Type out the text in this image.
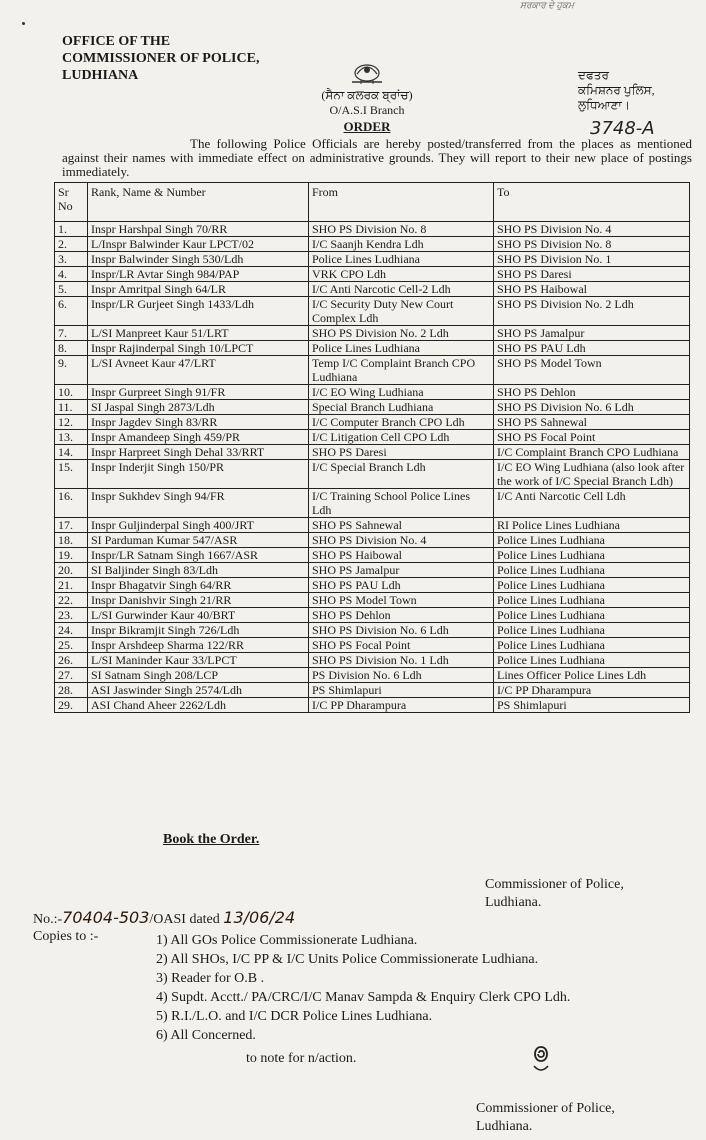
ਸਰਕਾਰ ਦੇ ਹੁਕਮ
OFFICE OF THE
COMMISSIONER OF POLICE,
LUDHIANA
(ਸੈਨਾ ਕਲਰਕ ਬ੍ਰਾਂਚ)
O/A.S.I Branch
ORDER
ਦਫਤਰ
ਕਮਿਸ਼ਨਰ ਪੁਲਿਸ,
ਲੁਧਿਆਣਾ।
3748-A
The following Police Officials are hereby posted/transferred from the places as mentioned against their names with immediate effect on administrative grounds. They will report to their new place of postings immediately.
Sr No	Rank, Name & Number	From	To
1.	Inspr Harshpal Singh 70/RR	SHO PS Division No. 8	SHO PS Division No. 4
2.	L/Inspr Balwinder Kaur LPCT/02	I/C Saanjh Kendra Ldh	SHO PS Division No. 8
3.	Inspr Balwinder Singh 530/Ldh	Police Lines Ludhiana	SHO PS Division No. 1
4.	Inspr/LR Avtar Singh 984/PAP	VRK CPO Ldh	SHO PS Daresi
5.	Inspr Amritpal Singh 64/LR	I/C Anti Narcotic Cell-2 Ldh	SHO PS Haibowal
6.	Inspr/LR Gurjeet Singh 1433/Ldh	I/C Security Duty New Court Complex Ldh	SHO PS Division No. 2 Ldh
7.	L/SI Manpreet Kaur 51/LRT	SHO PS Division No. 2 Ldh	SHO PS Jamalpur
8.	Inspr Rajinderpal Singh 10/LPCT	Police Lines Ludhiana	SHO PS PAU Ldh
9.	L/SI Avneet Kaur 47/LRT	Temp I/C Complaint Branch CPO Ludhiana	SHO PS Model Town
10.	Inspr Gurpreet Singh 91/FR	I/C EO Wing Ludhiana	SHO PS Dehlon
11.	SI Jaspal Singh 2873/Ldh	Special Branch Ludhiana	SHO PS Division No. 6 Ldh
12.	Inspr Jagdev Singh 83/RR	I/C Computer Branch CPO Ldh	SHO PS Sahnewal
13.	Inspr Amandeep Singh 459/PR	I/C Litigation Cell CPO Ldh	SHO PS Focal Point
14.	Inspr Harpreet Singh Dehal 33/RRT	SHO PS Daresi	I/C Complaint Branch CPO Ludhiana
15.	Inspr Inderjit Singh 150/PR	I/C Special Branch Ldh	I/C EO Wing Ludhiana (also look after the work of I/C Special Branch Ldh)
16.	Inspr Sukhdev Singh 94/FR	I/C Training School Police Lines Ldh	I/C Anti Narcotic Cell Ldh
17.	Inspr Guljinderpal Singh 400/JRT	SHO PS Sahnewal	RI Police Lines Ludhiana
18.	SI Parduman Kumar 547/ASR	SHO PS Division No. 4	Police Lines Ludhiana
19.	Inspr/LR Satnam Singh 1667/ASR	SHO PS Haibowal	Police Lines Ludhiana
20.	SI Baljinder Singh 83/Ldh	SHO PS Jamalpur	Police Lines Ludhiana
21.	Inspr Bhagatvir Singh 64/RR	SHO PS PAU Ldh	Police Lines Ludhiana
22.	Inspr Danishvir Singh 21/RR	SHO PS Model Town	Police Lines Ludhiana
23.	L/SI Gurwinder Kaur 40/BRT	SHO PS Dehlon	Police Lines Ludhiana
24.	Inspr Bikramjit Singh 726/Ldh	SHO PS Division No. 6 Ldh	Police Lines Ludhiana
25.	Inspr Arshdeep Sharma 122/RR	SHO PS Focal Point	Police Lines Ludhiana
26.	L/SI Maninder Kaur 33/LPCT	SHO PS Division No. 1 Ldh	Police Lines Ludhiana
27.	SI Satnam Singh 208/LCP	PS Division No. 6 Ldh	Lines Officer Police Lines Ldh
28.	ASI Jaswinder Singh 2574/Ldh	PS Shimlapuri	I/C PP Dharampura
29.	ASI Chand Aheer 2262/Ldh	I/C PP Dharampura	PS Shimlapuri
Book the Order.
Commissioner of Police,
Ludhiana.
No.:-70404-503/OASI dated 13/06/24
Copies to :-	1) All GOs Police Commissionerate Ludhiana.
2) All SHOs, I/C PP & I/C Units Police Commissionerate Ludhiana.
3) Reader for O.B .
4) Supdt. Acctt./ PA/CRC/I/C Manav Sampda & Enquiry Clerk CPO Ldh.
5) R.I./L.O. and I/C DCR Police Lines Ludhiana.
6) All Concerned.
to note for n/action.
Commissioner of Police,
Ludhiana.
